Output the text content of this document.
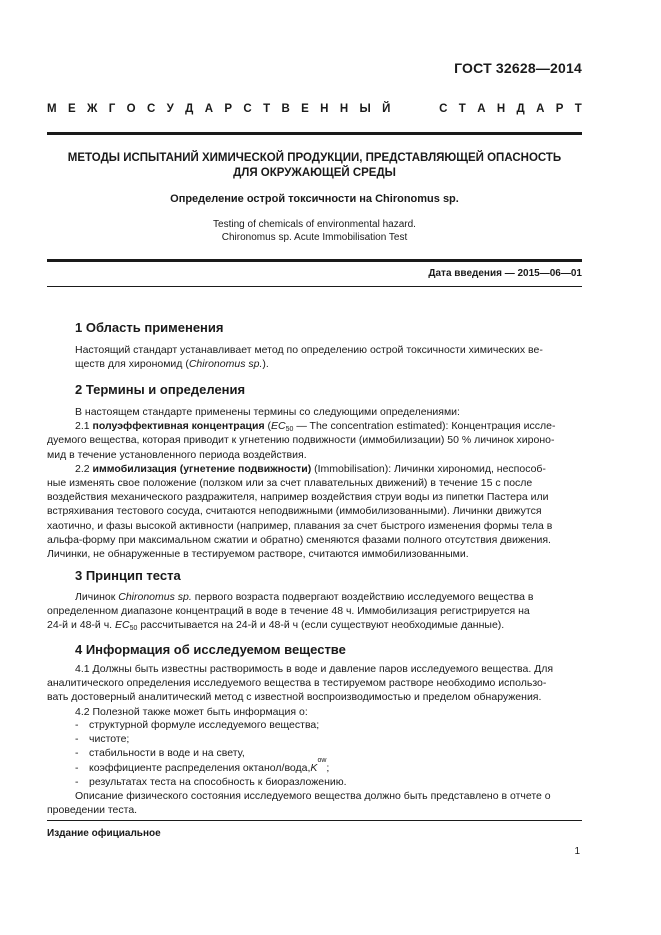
ГОСТ 32628—2014
М Е Ж Г О С У Д А Р С Т В Е Н Н Ы Й	С Т А Н Д А Р Т
МЕТОДЫ ИСПЫТАНИЙ ХИМИЧЕСКОЙ ПРОДУКЦИИ, ПРЕДСТАВЛЯЮЩЕЙ ОПАСНОСТЬ
ДЛЯ ОКРУЖАЮЩЕЙ СРЕДЫ
Определение острой токсичности на Chironomus sp.
Testing of chemicals of environmental hazard.
Chironomus sp. Acute Immobilisation Test
Дата введения — 2015—06—01
1 Область применения
Настоящий стандарт устанавливает метод по определению острой токсичности химических ве-
ществ для хирономид (Chironomus sp.).
2 Термины и определения
В настоящем стандарте применены термины со следующими определениями:
2.1 полуэффективная концентрация ($EC_{50}$ — The concentration estimated): Концентрация иссле-
дуемого вещества, которая приводит к угнетению подвижности (иммобилизации) 50 % личинок хироно-
мид в течение установленного периода воздействия.
2.2 иммобилизация (угнетение подвижности) (Immobilisation): Личинки хирономид, неспособ-
ные изменять свое положение (ползком или за счет плавательных движений) в течение 15 с после
воздействия механического раздражителя, например воздействия струи воды из пипетки Пастера или
встряхивания тестового сосуда, считаются неподвижными (иммобилизованными). Личинки движутся
хаотично, и фазы высокой активности (например, плавания за счет быстрого изменения формы тела в
альфа-форму при максимальном сжатии и обратно) сменяются фазами полного отсутствия движения.
Личинки, не обнаруженные в тестируемом растворе, считаются иммобилизованными.
3 Принцип теста
Личинок Chironomus sp. первого возраста подвергают воздействию исследуемого вещества в
определенном диапазоне концентраций в воде в течение 48 ч. Иммобилизация регистрируется на
24-й и 48-й ч. $EC_{50}$ рассчитывается на 24-й и 48-й ч (если существуют необходимые данные).
4 Информация об исследуемом веществе
4.1 Должны быть известны растворимость в воде и давление паров исследуемого вещества. Для
аналитического определения исследуемого вещества в тестируемом растворе необходимо использо-
вать достоверный аналитический метод с известной воспроизводимостью и пределом обнаружения.
4.2 Полезной также может быть информация о:
-	структурной формуле исследуемого вещества;
-	чистоте;
-	стабильности в воде и на свету,
-	коэффициенте распределения октанол/вода, K
ow
;
-	результатах теста на способность к биоразложению.
Описание физического состояния исследуемого вещества должно быть представлено в отчете о
проведении теста.
Издание официальное
1
